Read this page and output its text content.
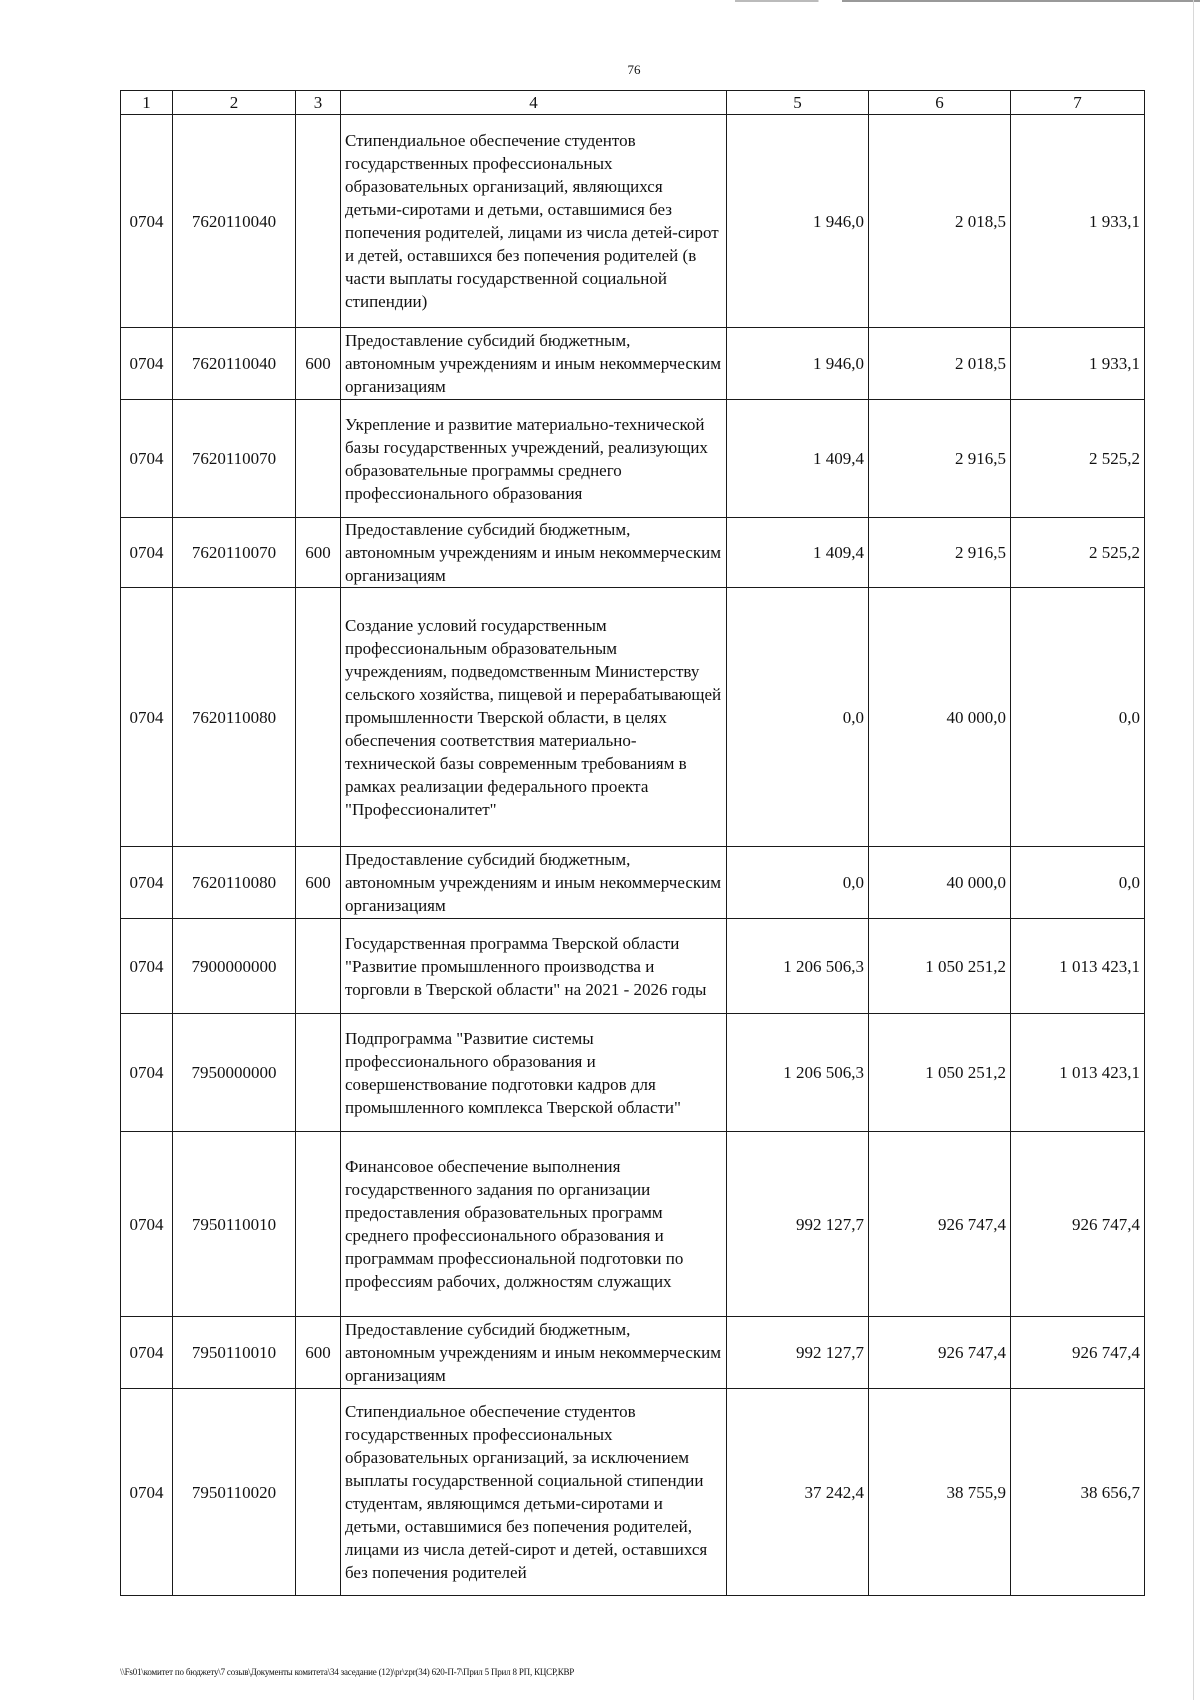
76
1	2	3	4	5	6	7
0704	7620110040		Стипендиальное обеспечение студентов государственных профессиональных образовательных организаций, являющихся детьми-сиротами и детьми, оставшимися без попечения родителей, лицами из числа детей-сирот и детей, оставшихся без попечения родителей (в части выплаты государственной социальной стипендии)	1 946,0	2 018,5	1 933,1
0704	7620110040	600	Предоставление субсидий бюджетным, автономным учреждениям и иным некоммерческим организациям	1 946,0	2 018,5	1 933,1
0704	7620110070		Укрепление и развитие материально-технической базы государственных учреждений, реализующих образовательные программы среднего профессионального образования	1 409,4	2 916,5	2 525,2
0704	7620110070	600	Предоставление субсидий бюджетным, автономным учреждениям и иным некоммерческим организациям	1 409,4	2 916,5	2 525,2
0704	7620110080		Создание условий государственным профессиональным образовательным учреждениям, подведомственным Министерству сельского хозяйства, пищевой и перерабатывающей промышленности Тверской области, в целях обеспечения соответствия материально-технической базы современным требованиям в рамках реализации федерального проекта "Профессионалитет"	0,0	40 000,0	0,0
0704	7620110080	600	Предоставление субсидий бюджетным, автономным учреждениям и иным некоммерческим организациям	0,0	40 000,0	0,0
0704	7900000000		Государственная программа Тверской области "Развитие промышленного производства и торговли в Тверской области" на 2021 - 2026 годы	1 206 506,3	1 050 251,2	1 013 423,1
0704	7950000000		Подпрограмма "Развитие системы профессионального образования и совершенствование подготовки кадров для промышленного комплекса Тверской области"	1 206 506,3	1 050 251,2	1 013 423,1
0704	7950110010		Финансовое обеспечение выполнения государственного задания по организации предоставления образовательных программ среднего профессионального образования и программам профессиональной подготовки по профессиям рабочих, должностям служащих	992 127,7	926 747,4	926 747,4
0704	7950110010	600	Предоставление субсидий бюджетным, автономным учреждениям и иным некоммерческим организациям	992 127,7	926 747,4	926 747,4
0704	7950110020		Стипендиальное обеспечение студентов государственных профессиональных образовательных организаций, за исключением выплаты государственной социальной стипендии студентам, являющимся детьми-сиротами и детьми, оставшимися без попечения родителей, лицами из числа детей-сирот и детей, оставшихся без попечения родителей	37 242,4	38 755,9	38 656,7
\\Fs01\комитет по бюджету\7 созыв\Документы комитета\34 заседание (12)\pr\zpr(34) 620-П-7\Прил 5 Прил 8 РП, КЦСР,КВР
